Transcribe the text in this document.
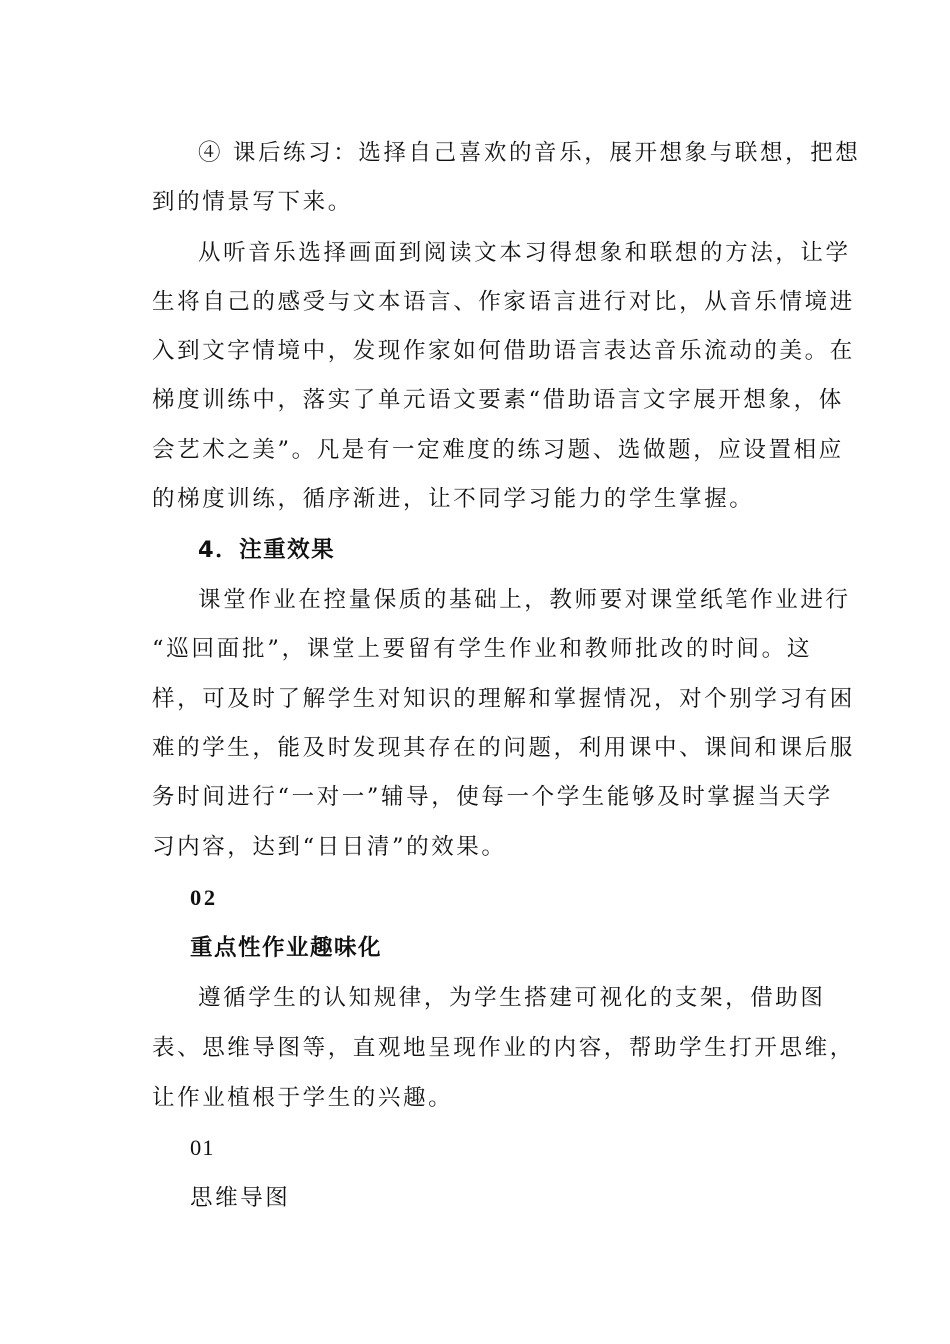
④ 课后练习：选择自己喜欢的音乐，展开想象与联想，把想
到的情景写下来。
从听音乐选择画面到阅读文本习得想象和联想的方法，让学
生将自己的感受与文本语言、作家语言进行对比，从音乐情境进
入到文字情境中，发现作家如何借助语言表达音乐流动的美。在
梯度训练中，落实了单元语文要素“借助语言文字展开想象，体
会艺术之美”。凡是有一定难度的练习题、选做题，应设置相应
的梯度训练，循序渐进，让不同学习能力的学生掌握。
4．注重效果
课堂作业在控量保质的基础上，教师要对课堂纸笔作业进行
“巡回面批”，课堂上要留有学生作业和教师批改的时间。这
样，可及时了解学生对知识的理解和掌握情况，对个别学习有困
难的学生，能及时发现其存在的问题，利用课中、课间和课后服
务时间进行“一对一”辅导，使每一个学生能够及时掌握当天学
习内容，达到“日日清”的效果。
02
重点性作业趣味化
遵循学生的认知规律，为学生搭建可视化的支架，借助图
表、思维导图等，直观地呈现作业的内容，帮助学生打开思维，
让作业植根于学生的兴趣。
01
思维导图
